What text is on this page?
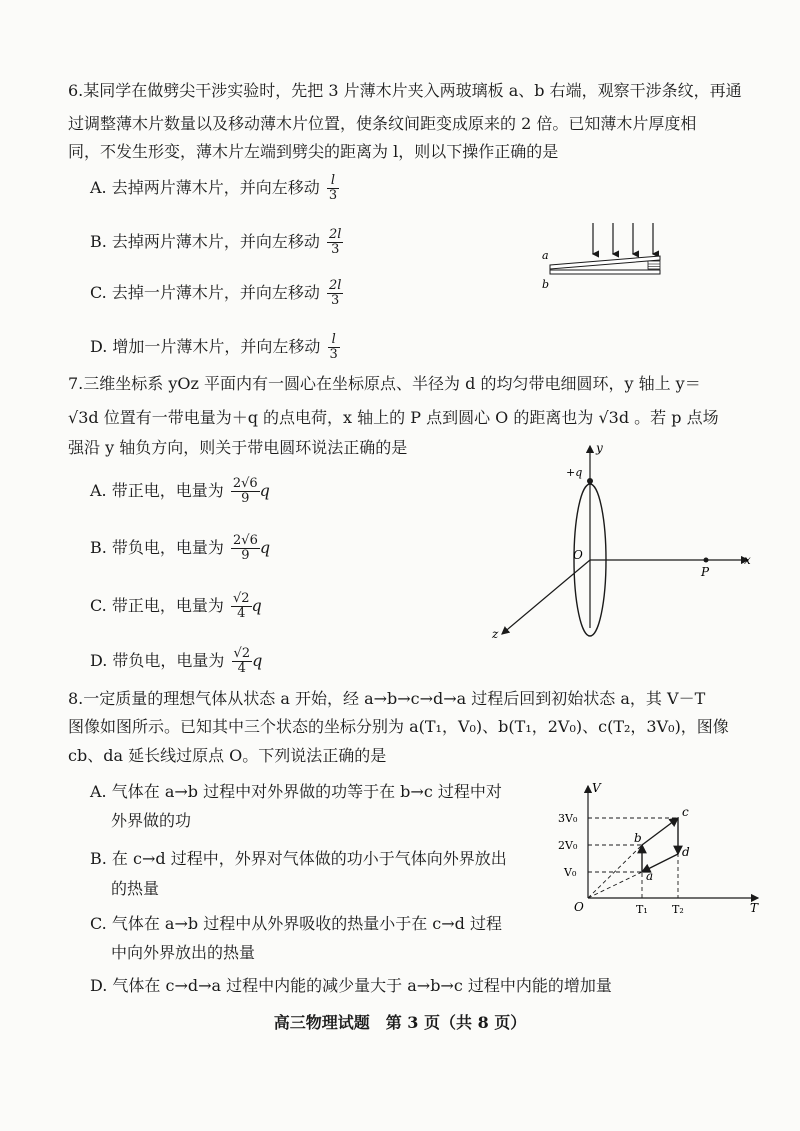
6.某同学在做劈尖干涉实验时，先把 3 片薄木片夹入两玻璃板 a、b 右端，观察干涉条纹，再通
过调整薄木片数量以及移动薄木片位置，使条纹间距变成原来的 2 倍。已知薄木片厚度相
同，不发生形变，薄木片左端到劈尖的距离为 l，则以下操作正确的是
A. 去掉两片薄木片，并向左移动 $\frac{l}{3}$
B. 去掉两片薄木片，并向左移动 $\frac{2l}{3}$
C. 去掉一片薄木片，并向左移动 $\frac{2l}{3}$
D. 增加一片薄木片，并向左移动 $\frac{l}{3}$
a
b
7.三维坐标系 yOz 平面内有一圆心在坐标原点、半径为 d 的均匀带电细圆环，y 轴上 y＝
√3d 位置有一带电量为＋q 的点电荷，x 轴上的 P 点到圆心 O 的距离也为 √3d 。若 p 点场
强沿 y 轴负方向，则关于带电圆环说法正确的是
A. 带正电，电量为 $\frac{2√6}{9}$ q
B. 带负电，电量为 $\frac{2√6}{9}$ q
C. 带正电，电量为 $\frac{√2}{4}$ q
D. 带负电，电量为 $\frac{√2}{4}$ q
y
x
z
O
P
+q
8.一定质量的理想气体从状态 a 开始，经 a→b→c→d→a 过程后回到初始状态 a，其 V－T
图像如图所示。已知其中三个状态的坐标分别为 a(T₁，V₀)、b(T₁，2V₀)、c(T₂，3V₀)，图像
cb、da 延长线过原点 O。下列说法正确的是
A. 气体在 a→b 过程中对外界做的功等于在 b→c 过程中对
外界做的功
B. 在 c→d 过程中，外界对气体做的功小于气体向外界放出
的热量
C. 气体在 a→b 过程中从外界吸收的热量小于在 c→d 过程
中向外界放出的热量
D. 气体在 c→d→a 过程中内能的减少量大于 a→b→c 过程中内能的增加量
V
T
O
3V₀
2V₀
V₀
T₁ T₂
a
b
c
d
高三物理试题　第 3 页（共 8 页）
